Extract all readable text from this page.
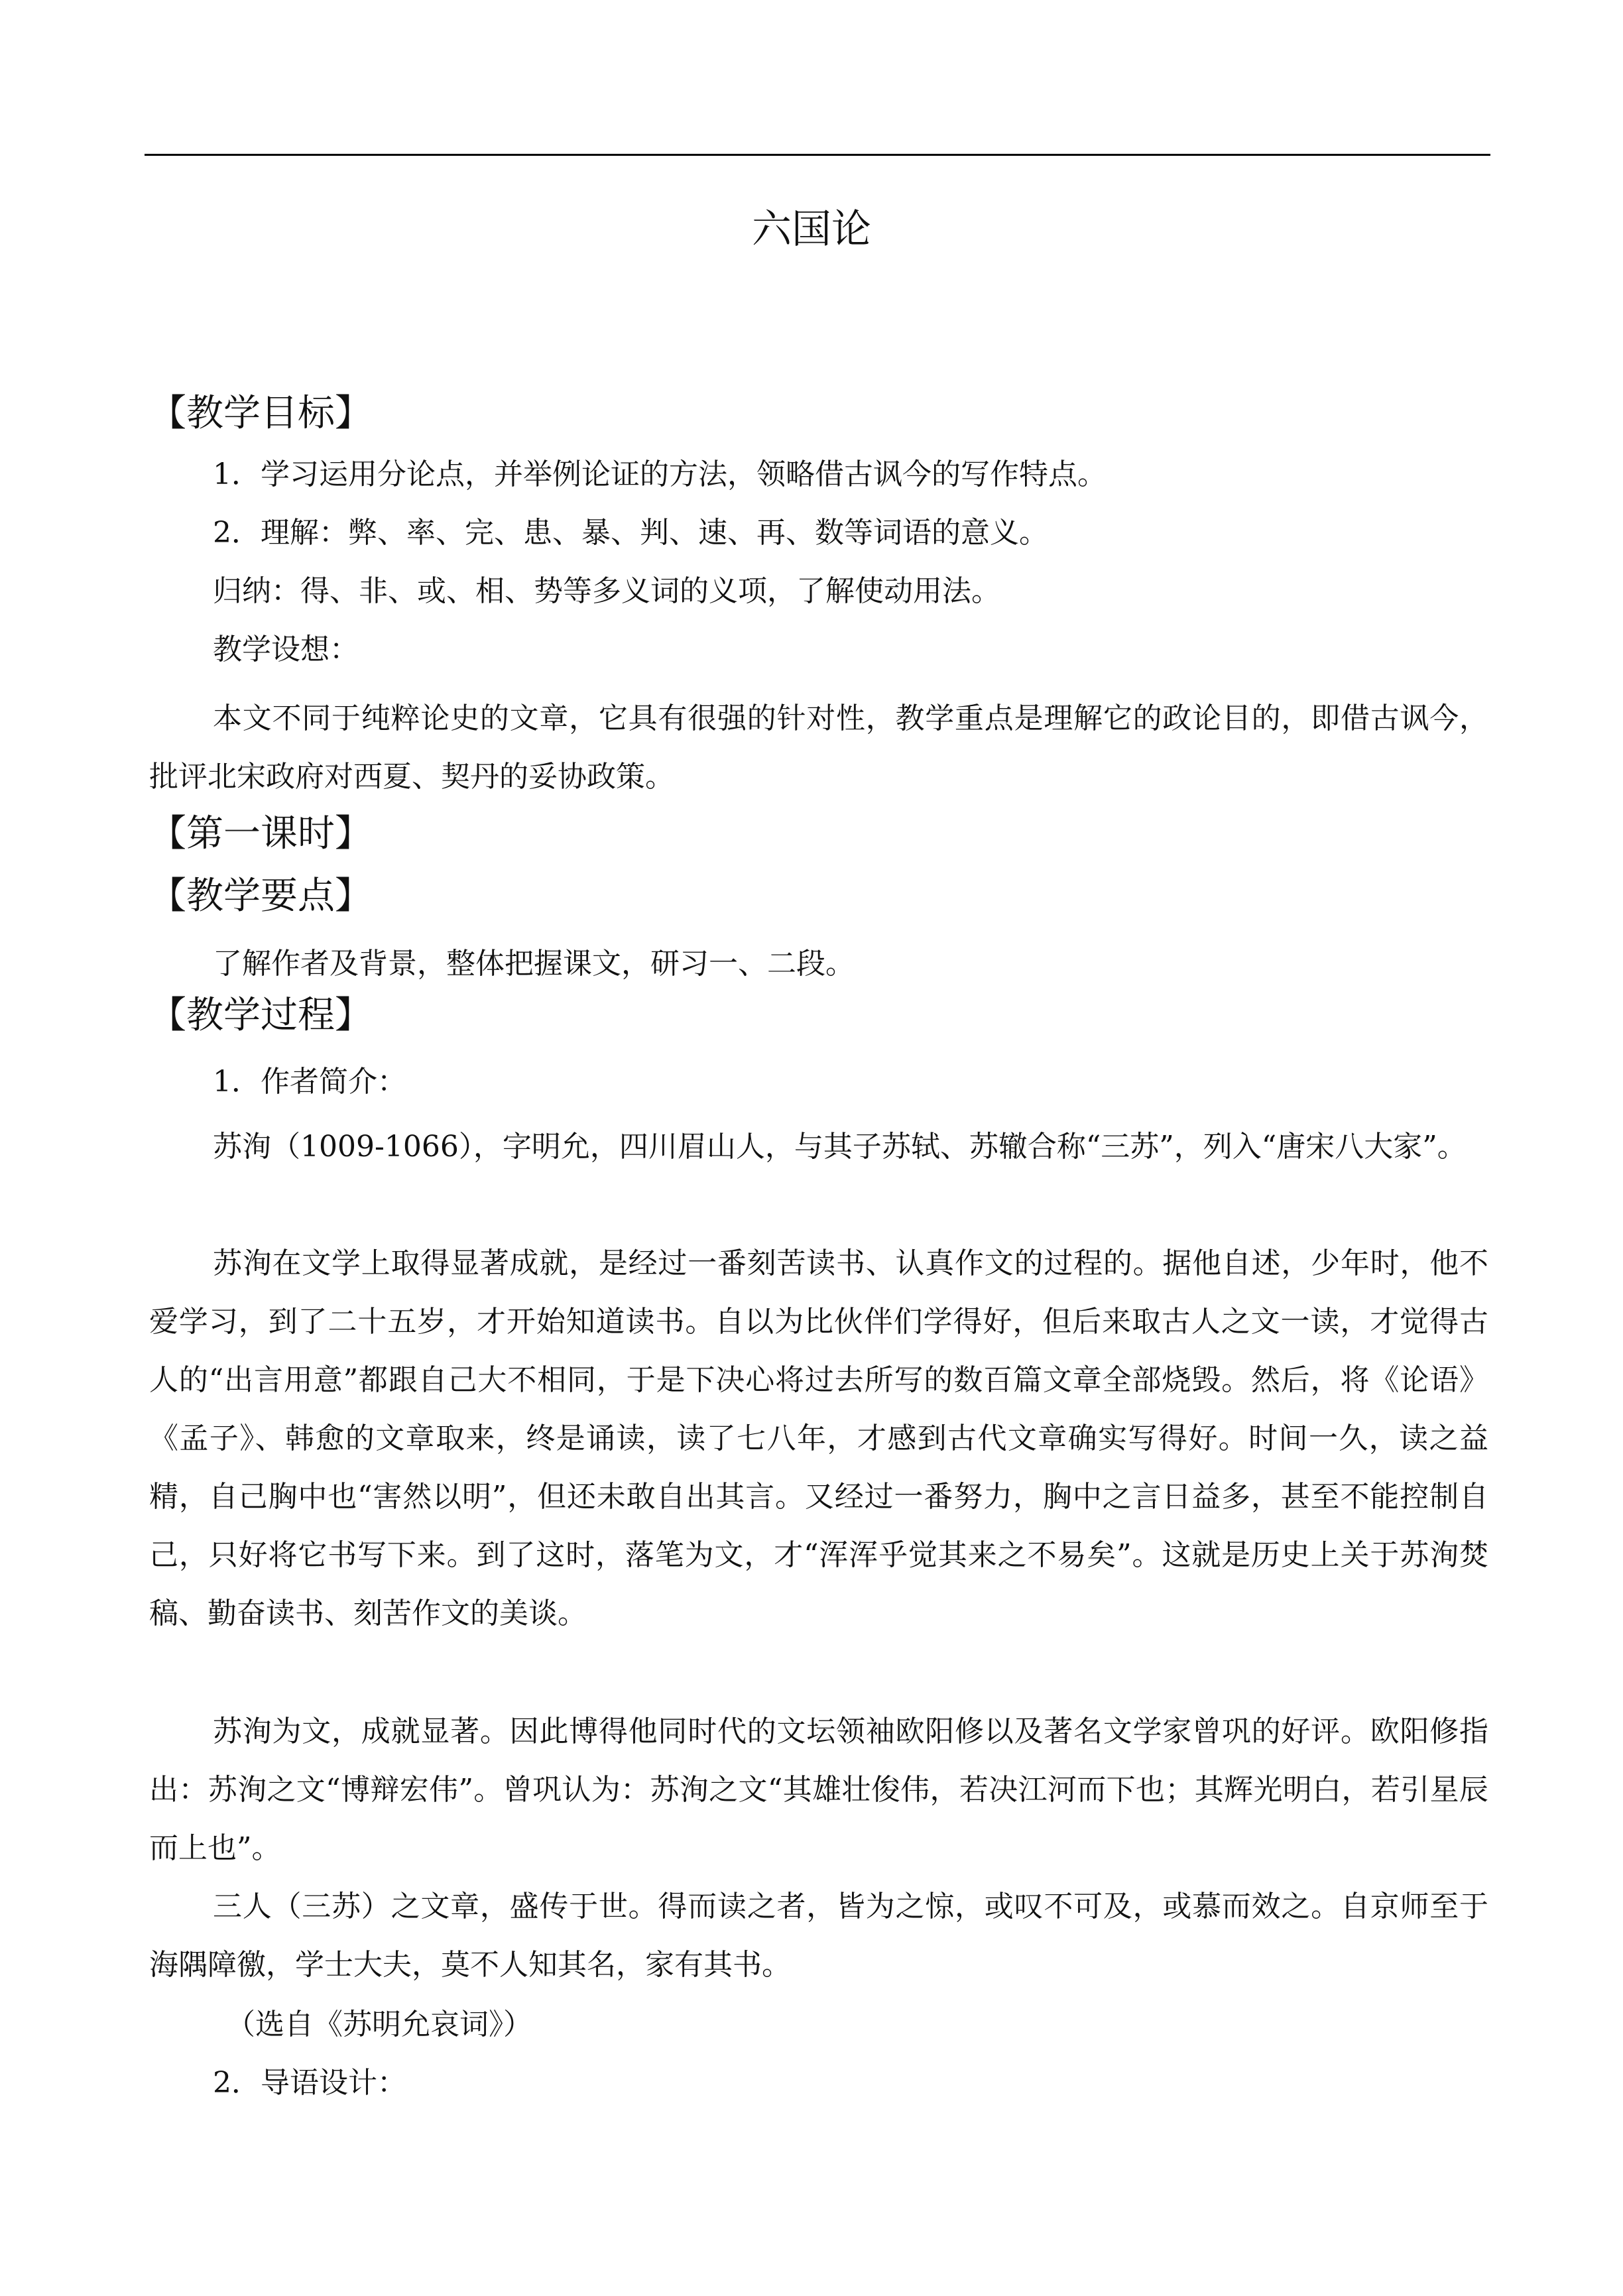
六国论
【教学目标】
1．学习运用分论点，并举例论证的方法，领略借古讽今的写作特点。
2．理解：弊、率、完、患、暴、判、速、再、数等词语的意义。
归纳：得、非、或、相、势等多义词的义项，了解使动用法。
教学设想：
本文不同于纯粹论史的文章，它具有很强的针对性，教学重点是理解它的政论目的，即借古讽今，批评北宋政府对西夏、契丹的妥协政策。
【第一课时】
【教学要点】
了解作者及背景，整体把握课文，研习一、二段。
【教学过程】
1．作者简介：
苏洵（1009-1066），字明允，四川眉山人，与其子苏轼、苏辙合称“三苏”，列入“唐宋八大家”。
苏洵在文学上取得显著成就，是经过一番刻苦读书、认真作文的过程的。据他自述，少年时，他不爱学习，到了二十五岁，才开始知道读书。自以为比伙伴们学得好，但后来取古人之文一读，才觉得古人的“出言用意”都跟自己大不相同，于是下决心将过去所写的数百篇文章全部烧毁。然后，将《论语》《孟子》、韩愈的文章取来，终是诵读，读了七八年，才感到古代文章确实写得好。时间一久，读之益精，自己胸中也“害然以明”，但还未敢自出其言。又经过一番努力，胸中之言日益多，甚至不能控制自己，只好将它书写下来。到了这时，落笔为文，才“浑浑乎觉其来之不易矣”。这就是历史上关于苏洵焚稿、勤奋读书、刻苦作文的美谈。
苏洵为文，成就显著。因此博得他同时代的文坛领袖欧阳修以及著名文学家曾巩的好评。欧阳修指出：苏洵之文“博辩宏伟”。曾巩认为：苏洵之文“其雄壮俊伟，若决江河而下也；其辉光明白，若引星辰而上也”。
三人（三苏）之文章，盛传于世。得而读之者，皆为之惊，或叹不可及，或慕而效之。自京师至于海隅障徼，学士大夫，莫不人知其名，家有其书。
（选自《苏明允哀词》）
2．导语设计：
